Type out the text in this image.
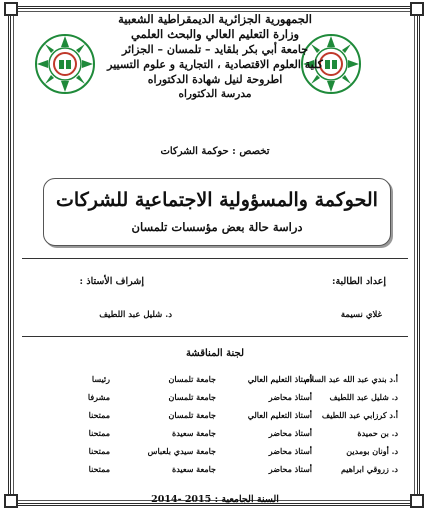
الجمهورية الجزائرية الديمقراطية الشعبية
وزارة التعليم العالي والبحث العلمي
جامعة أبي بكر بلقايد – تلمسان – الجزائر
كلية العلوم الاقتصادية ، التجارية و علوم التسيير
اطروحة لنيل شهادة الدكتوراه
مدرسة الدكتوراه
تخصص : حوكمة الشركات
الحوكمة والمسؤولية الاجتماعية للشركات
دراسة حالة بعض مؤسسات تلمسان
إعداد الطالبة:
غلاي نسيمة
إشراف الأستاذ :
د. شليل عبد اللطيف
لجنة المناقشة
أ.د بندي عبد الله عبد السلام
أستاذ التعليم العالي
جامعة تلمسان
رئيسا
د. شليل عبد اللطيف
أستاذ محاضر
جامعة تلمسان
مشرفا
أ.د كرزابي عبد اللطيف
أستاذ التعليم العالي
جامعة تلمسان
ممتحنا
د. بن حميدة
أستاذ محاضر
جامعة سعيدة
ممتحنا
د. أونان بومدين
أستاذ محاضر
جامعة سيدي بلعباس
ممتحنا
د. زروقي ابراهيم
أستاذ محاضر
جامعة سعيدة
ممتحنا
السنة الجامعية : 2014- 2015
